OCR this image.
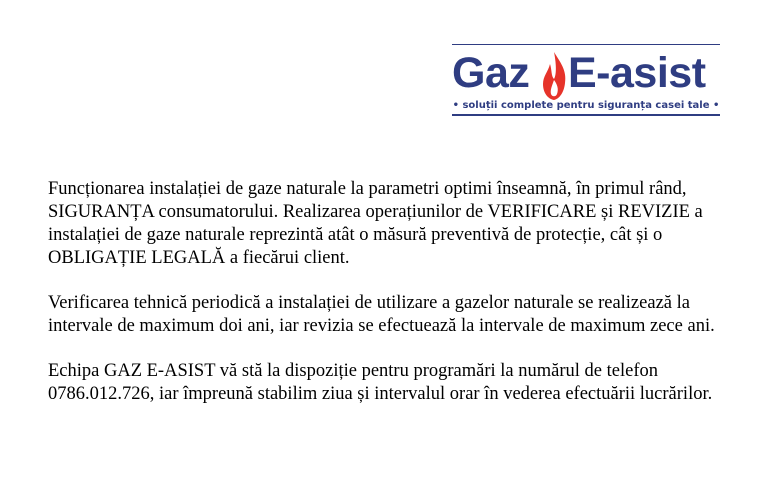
Gaz E-asist
• soluții complete pentru siguranța casei tale •

Funcționarea instalației de gaze naturale la parametri optimi înseamnă, în primul rând, SIGURANȚA consumatorului. Realizarea operațiunilor de VERIFICARE și REVIZIE a instalației de gaze naturale reprezintă atât o măsură preventivă de protecție, cât și o OBLIGAȚIE LEGALĂ a fiecărui client.

Verificarea tehnică periodică a instalației de utilizare a gazelor naturale se realizează la intervale de maximum doi ani, iar revizia se efectuează la intervale de maximum zece ani.

Echipa GAZ E-ASIST vă stă la dispoziție pentru programări la numărul de telefon 0786.012.726, iar împreună stabilim ziua și intervalul orar în vederea efectuării lucrărilor.
